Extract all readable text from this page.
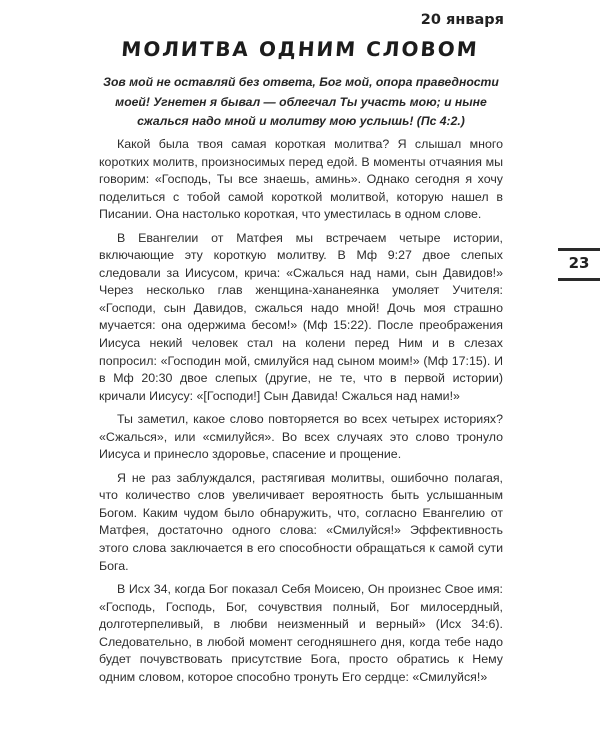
20 января
МОЛИТВА ОДНИМ СЛОВОМ

Зов мой не оставляй без ответа, Бог мой, опора праведности моей! Угнетен я бывал — облегчал Ты участь мою; и ныне сжалься надо мной и молитву мою услышь! (Пс 4:2.)

Какой была твоя самая короткая молитва? Я слышал много коротких молитв, произносимых перед едой. В моменты отчаяния мы говорим: «Господь, Ты все знаешь, аминь». Однако сегодня я хочу поделиться с тобой самой короткой молитвой, которую нашел в Писании. Она настолько короткая, что уместилась в одном слове.

В Евангелии от Матфея мы встречаем четыре истории, включающие эту короткую молитву. В Мф 9:27 двое слепых следовали за Иисусом, крича: «Сжалься над нами, сын Давидов!» Через несколько глав женщина-хананеянка умоляет Учителя: «Господи, сын Давидов, сжалься надо мной! Дочь моя страшно мучается: она одержима бесом!» (Мф 15:22). После преображения Иисуса некий человек стал на колени перед Ним и в слезах попросил: «Господин мой, смилуйся над сыном моим!» (Мф 17:15). И в Мф 20:30 двое слепых (другие, не те, что в первой истории) кричали Иисусу: «[Господи!] Сын Давида! Сжалься над нами!»

Ты заметил, какое слово повторяется во всех четырех историях? «Сжалься», или «смилуйся». Во всех случаях это слово тронуло Иисуса и принесло здоровье, спасение и прощение.

Я не раз заблуждался, растягивая молитвы, ошибочно полагая, что количество слов увеличивает вероятность быть услышанным Богом. Каким чудом было обнаружить, что, согласно Евангелию от Матфея, достаточно одного слова: «Смилуйся!» Эффективность этого слова заключается в его способности обращаться к самой сути Бога.

В Исх 34, когда Бог показал Себя Моисею, Он произнес Свое имя: «Господь, Господь, Бог, сочувствия полный, Бог милосердный, долготерпеливый, в любви неизменный и верный» (Исх 34:6). Следовательно, в любой момент сегодняшнего дня, когда тебе надо будет почувствовать присутствие Бога, просто обратись к Нему одним словом, которое способно тронуть Его сердце: «Смилуйся!»

23
